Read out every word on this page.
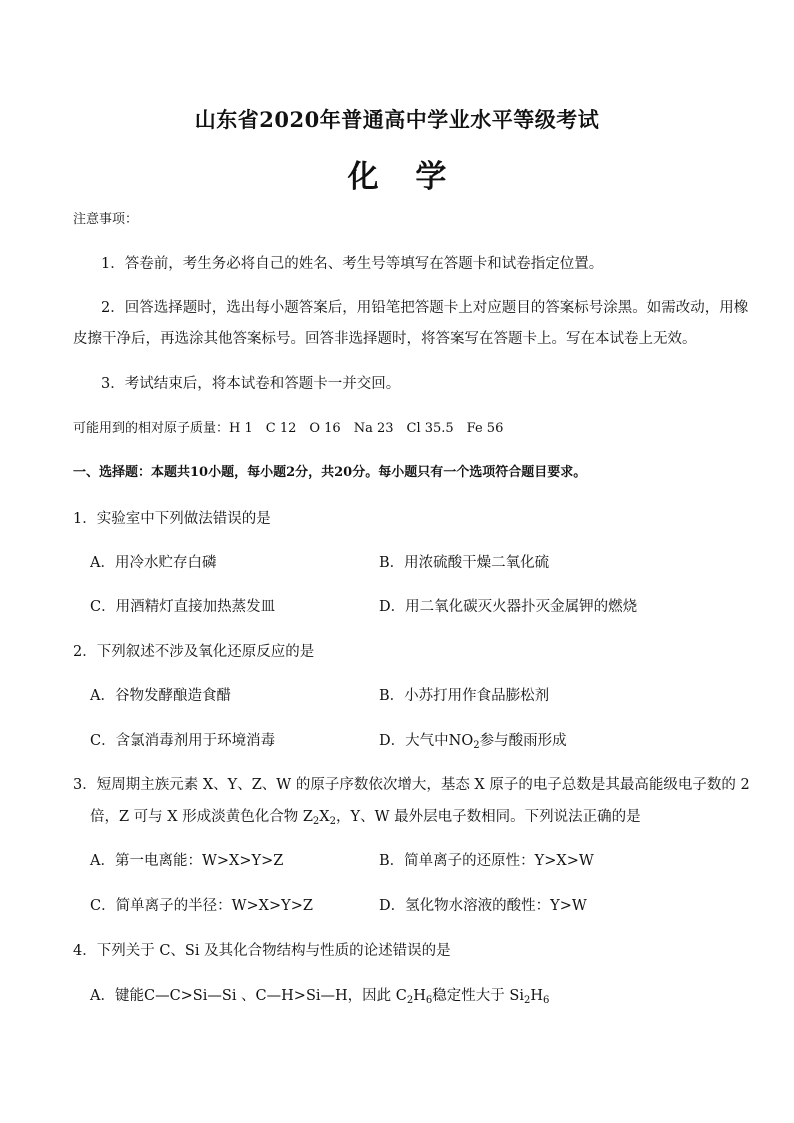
山东省2020年普通高中学业水平等级考试
化 学
注意事项：
1．答卷前，考生务必将自己的姓名、考生号等填写在答题卡和试卷指定位置。
2．回答选择题时，选出每小题答案后，用铅笔把答题卡上对应题目的答案标号涂黑。如需改动，用橡
皮擦干净后，再选涂其他答案标号。回答非选择题时，将答案写在答题卡上。写在本试卷上无效。
3．考试结束后，将本试卷和答题卡一并交回。
可能用到的相对原子质量：H 1　C 12　O 16　Na 23　Cl 35.5　Fe 56
一、选择题：本题共10小题，每小题2分，共20分。每小题只有一个选项符合题目要求。
1．实验室中下列做法错误的是
A．用冷水贮存白磷	B．用浓硫酸干燥二氧化硫
C．用酒精灯直接加热蒸发皿	D．用二氧化碳灭火器扑灭金属钾的燃烧
2．下列叙述不涉及氧化还原反应的是
A．谷物发酵酿造食醋	B．小苏打用作食品膨松剂
C．含氯消毒剂用于环境消毒	D．大气中$NO_2$参与酸雨形成
3．短周期主族元素 X、Y、Z、W 的原子序数依次增大，基态 X 原子的电子总数是其最高能级电子数的 2
倍，Z 可与 X 形成淡黄色化合物 $Z_2X_2$，Y、W 最外层电子数相同。下列说法正确的是
A．第一电离能：W>X>Y>Z	B．简单离子的还原性：Y>X>W
C．简单离子的半径：W>X>Y>Z	D．氢化物水溶液的酸性：Y>W
4．下列关于 C、Si 及其化合物结构与性质的论述错误的是
A．键能C—C>Si—Si 、C—H>Si—H，因此 $C_2H_6$稳定性大于 $Si_2H_6$
